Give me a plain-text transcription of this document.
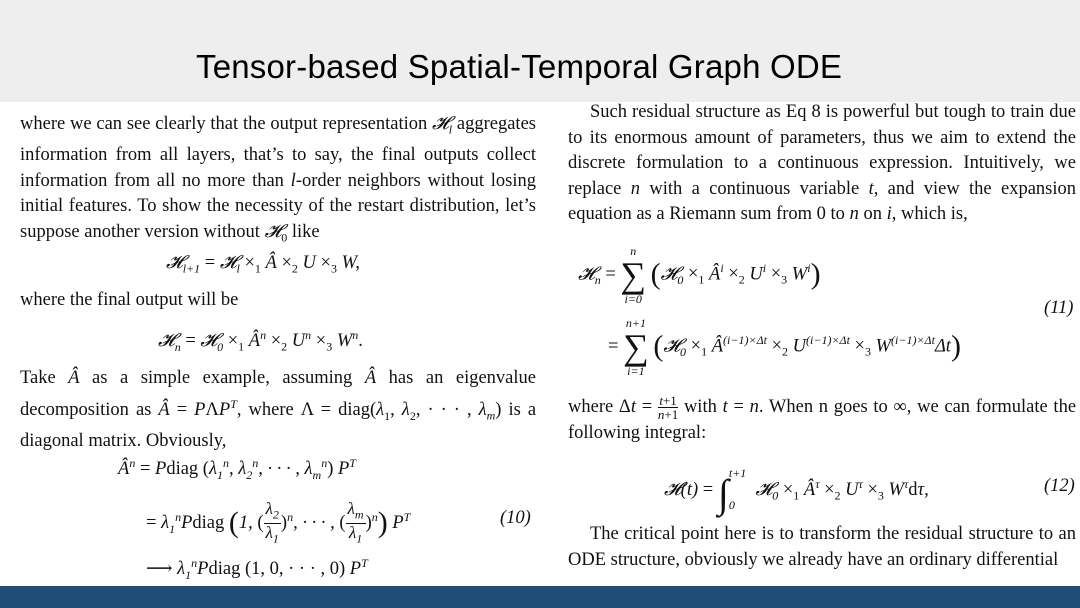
Tensor-based Spatial-Temporal Graph ODE

where we can see clearly that the output representation 𝓗$_l$ aggregates information from all layers, that’s to say, the final outputs collect information from all no more than l-order neighbors without losing initial features. To show the necessity of the restart distribution, let’s suppose another version without 𝓗$_0$ like

𝓗$_{l+1}$ = 𝓗$_l$ $\times_1$ Â $\times_2$ $U \times_3$ W,

where the final output will be

𝓗$_n$ = 𝓗$_0$ $\times_1$ $Â^n \times_2$ $U^n \times_3$ $W^n$.

Take Â as a simple example, assuming Â has an eigenvalue decomposition as Â = $P\Lambda P^T$, where $\Lambda = diag(\lambda_1$, $\lambda_2$, · · · , $\lambda_m$) is a diagonal matrix. Obviously,

$Â^n$ = Pdiag ($\lambda_1^n$, $\lambda_2^n$, · · · , $\lambda_m^n$) $P^T$
= $\lambda_1^nPdiag$ (1, ( $\frac{\lambda_2}{\lambda_1})^n$, · · · , ( $\frac{\lambda_m}{\lambda_1})^n$) $P^T$	(10)
⟶ $\lambda_1^nPdiag$ (1, 0, · · · , 0) $P^T$

Such residual structure as Eq 8 is powerful but tough to train due to its enormous amount of parameters, thus we aim to extend the discrete formulation to a continuous expression. Intuitively, we replace n with a continuous variable t, and view the expansion equation as a Riemann sum from 0 to n on i, which is,

𝓗$_n$ =
n
∑
i=0
(𝓗$_0$ $\times_1$ $Â^i \times_2$ $U^i \times_3$ $W^i$)
(11)
=
n+1
∑
i=1
(𝓗$_0$ $\times_1$ $Â^{(i-1)\times\Delta t} \times_2$ $U^{(i-1)\times\Delta t} \times_3$ $W^{(i-1)\times\Delta t}\Delta t$)

where $\Delta t = \frac{t+1}{n+1}$ with t = n. When n goes to ∞, we can formulate the following integral:

𝓗(t) = $\int_0^{t+1}$  𝓗$_0$ $\times_1$ $Â^\tau \times_2$ $U^\tau \times_3$ $W^\tau d\tau$,	(12)

The critical point here is to transform the residual structure to an ODE structure, obviously we already have an ordinary differential
